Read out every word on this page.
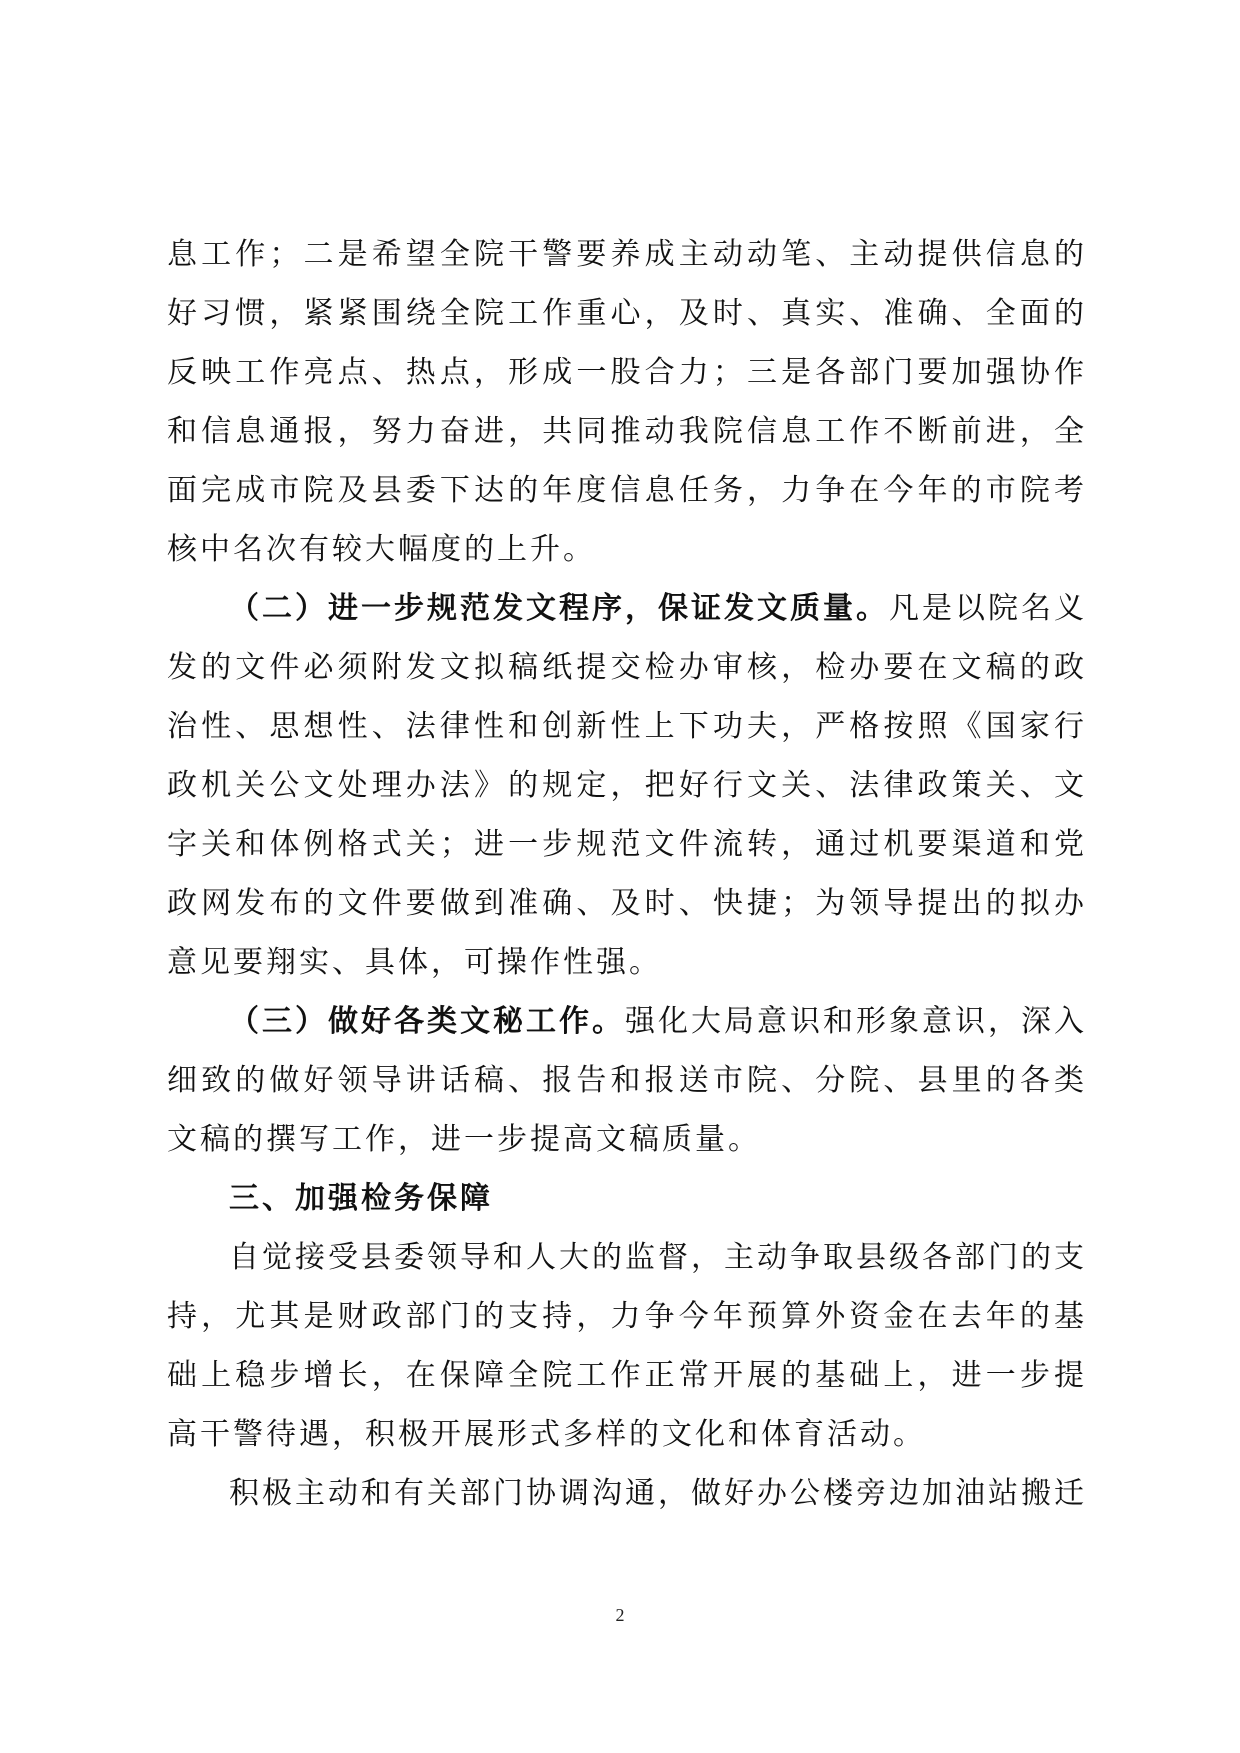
息工作；二是希望全院干警要养成主动动笔、主动提供信息的好习惯，紧紧围绕全院工作重心，及时、真实、准确、全面的反映工作亮点、热点，形成一股合力；三是各部门要加强协作和信息通报，努力奋进，共同推动我院信息工作不断前进，全面完成市院及县委下达的年度信息任务，力争在今年的市院考核中名次有较大幅度的上升。

（二）进一步规范发文程序，保证发文质量。凡是以院名义发的文件必须附发文拟稿纸提交检办审核，检办要在文稿的政治性、思想性、法律性和创新性上下功夫，严格按照《国家行政机关公文处理办法》的规定，把好行文关、法律政策关、文字关和体例格式关；进一步规范文件流转，通过机要渠道和党政网发布的文件要做到准确、及时、快捷；为领导提出的拟办意见要翔实、具体，可操作性强。

（三）做好各类文秘工作。强化大局意识和形象意识，深入细致的做好领导讲话稿、报告和报送市院、分院、县里的各类文稿的撰写工作，进一步提高文稿质量。

三、加强检务保障

自觉接受县委领导和人大的监督，主动争取县级各部门的支持，尤其是财政部门的支持，力争今年预算外资金在去年的基础上稳步增长，在保障全院工作正常开展的基础上，进一步提高干警待遇，积极开展形式多样的文化和体育活动。

积极主动和有关部门协调沟通，做好办公楼旁边加油站搬迁

2
